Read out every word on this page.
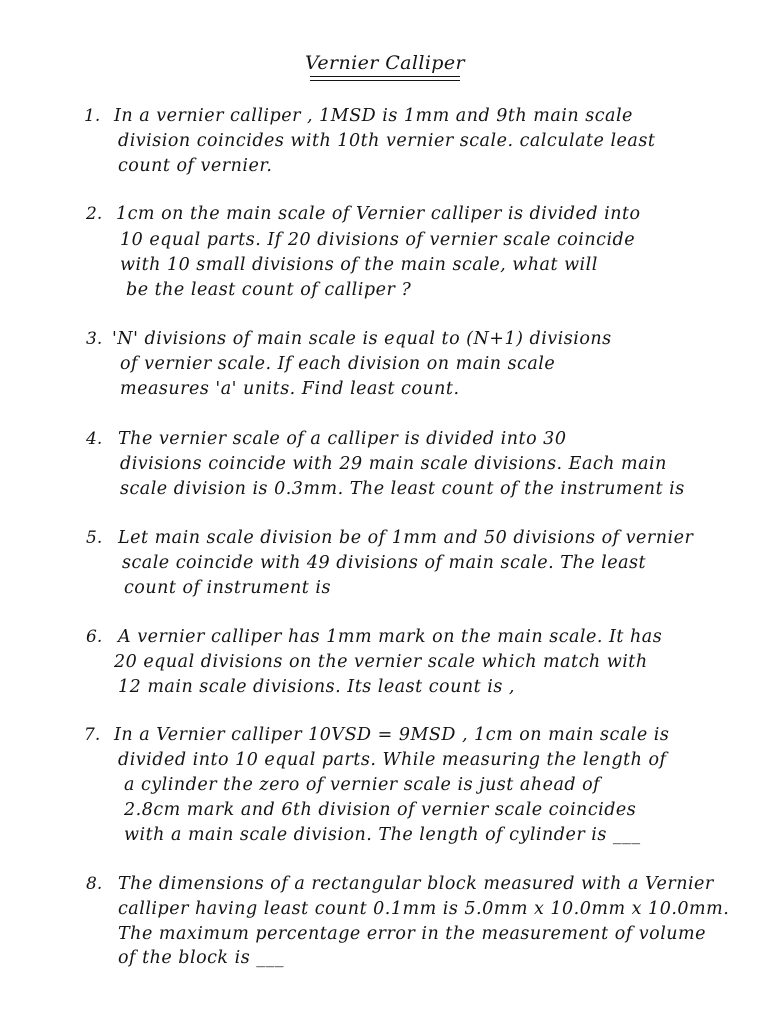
Vernier Calliper
1. In a vernier calliper , 1MSD is 1mm and 9th main scale
division coincides with 10th vernier scale. calculate least
count of vernier.
2. 1cm on the main scale of Vernier calliper is divided into
10 equal parts. If 20 divisions of vernier scale coincide
with 10 small divisions of the main scale, what will
be the least count of calliper ?
3. 'N' divisions of main scale is equal to (N+1) divisions
of vernier scale. If each division on main scale
measures 'a' units. Find least count.
4. The vernier scale of a calliper is divided into 30
divisions coincide with 29 main scale divisions. Each main
scale division is 0.3mm. The least count of the instrument is
5. Let main scale division be of 1mm and 50 divisions of vernier
scale coincide with 49 divisions of main scale. The least
count of instrument is
6. A vernier calliper has 1mm mark on the main scale. It has
20 equal divisions on the vernier scale which match with
12 main scale divisions. Its least count is ,
7. In a Vernier calliper 10VSD = 9MSD , 1cm on main scale is
divided into 10 equal parts. While measuring the length of
a cylinder the zero of vernier scale is just ahead of
2.8cm mark and 6th division of vernier scale coincides
with a main scale division. The length of cylinder is ___
8. The dimensions of a rectangular block measured with a Vernier
calliper having least count 0.1mm is 5.0mm x 10.0mm x 10.0mm.
The maximum percentage error in the measurement of volume
of the block is ___
